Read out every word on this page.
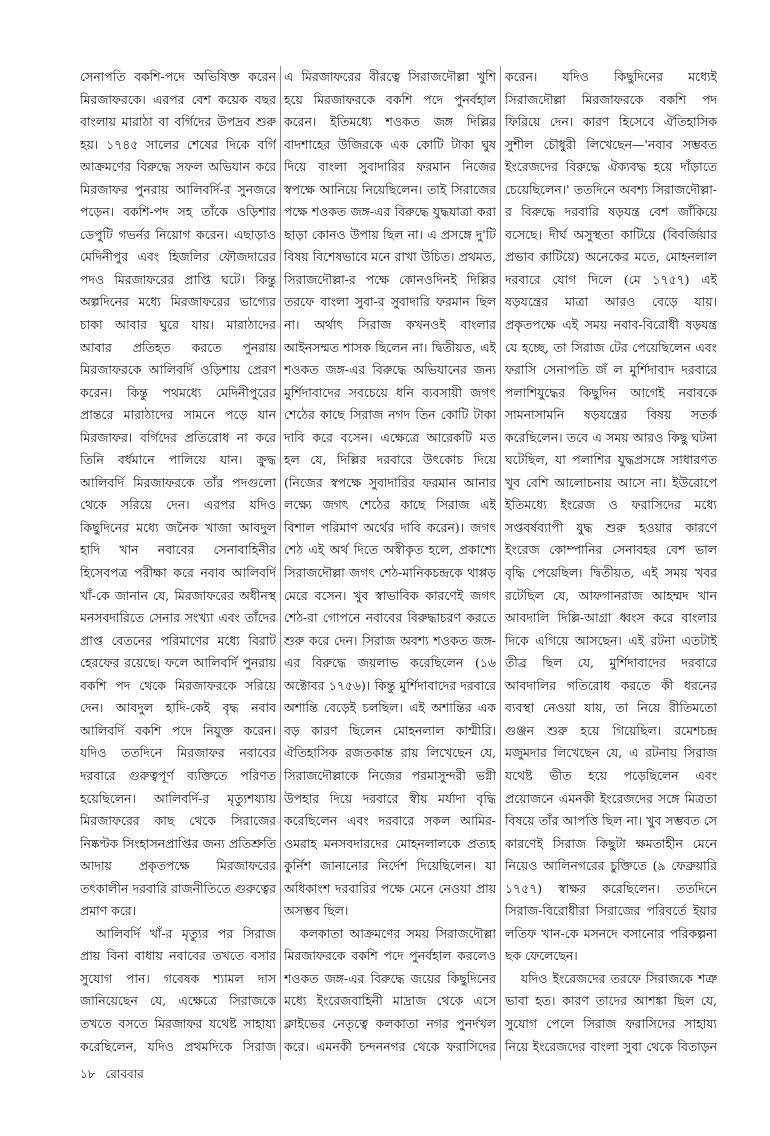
সেনাপতি বকশি-পদে অভিষিক্ত করেন মিরজাফরকে। এরপর বেশ কয়েক বছর বাংলায় মারাঠা বা বর্গিদের উপদ্রব শুরু হয়। ১৭৪৫ সালের শেষের দিকে বর্গি আক্রমণের বিরুদ্ধে সফল অভিযান করে মিরজাফর পুনরায় আলিবর্দি-র সুনজরে পড়েন। বকশি-পদ সহ তাঁকে ওড়িশার ডেপুটি গভর্নর নিয়োগ করেন। এছাড়াও মেদিনীপুর এবং হিজলির ফৌজদারের পদও মিরজাফরের প্রাপ্তি ঘটে। কিন্তু অল্পদিনের মধ্যে মিরজাফরের ভাগ্যের চাকা আবার ঘুরে যায়। মারাঠাদের আবার প্রতিহত করতে পুনরায় মিরজাফরকে আলিবর্দি ওড়িশায় প্রেরণ করেন। কিন্তু পথমধ্যে মেদিনীপুরের প্রান্তরে মারাঠাদের সামনে পড়ে যান মিরজাফর। বর্গিদের প্রতিরোধ না করে তিনি বর্ধমানে পালিয়ে যান। ক্রুদ্ধ আলিবর্দি মিরজাফরকে তাঁর পদগুলো থেকে সরিয়ে দেন। এরপর যদিও কিছুদিনের মধ্যে জনৈক খাজা আবদুল হাদি খান নবাবের সেনাবাহিনীর হিসেবপত্র পরীক্ষা করে নবাব আলিবর্দি খাঁ-কে জানান যে, মিরজাফরের অধীনস্থ মনসবদারিতে সেনার সংখ্যা এবং তাঁদের প্রাপ্ত বেতনের পরিমাণের মধ্যে বিরাট হেরফের রয়েছে। ফলে আলিবর্দি পুনরায় বকশি পদ থেকে মিরজাফরকে সরিয়ে দেন। আবদুল হাদি-কেই বৃদ্ধ নবাব আলিবর্দি বকশি পদে নিযুক্ত করেন। যদিও ততদিনে মিরজাফর নবাবের দরবারে গুরুত্বপূর্ণ ব্যক্তিতে পরিণত হয়েছিলেন। আলিবর্দি-র মৃত্যুশয্যায় মিরজাফরের কাছ থেকে সিরাজের নিষ্কণ্টক সিংহাসনপ্রাপ্তির জন্য প্রতিশ্রুতি আদায় প্রকৃতপক্ষে মিরজাফরের তৎকালীন দরবারি রাজনীতিতে গুরুত্বের প্রমাণ করে।

আলিবর্দি খাঁ-র মৃত্যুর পর সিরাজ প্রায় বিনা বাধায় নবাবের তখতে বসার সুযোগ পান। গবেষক শ্যামল দাস জানিয়েছেন যে, এক্ষেত্রে সিরাজকে তখতে বসতে মিরজাফর যথেষ্ট সাহায্য করেছিলেন, যদিও প্রথমদিকে সিরাজ

এ মিরজাফরের বীরত্বে সিরাজদৌল্লা খুশি হয়ে মিরজাফরকে বকশি পদে পুনর্বহাল করেন। ইতিমধ্যে শওকত জঙ্গ দিল্লির বাদশাহের উজিরকে এক কোটি টাকা ঘুষ দিয়ে বাংলা সুবাদারির ফরমান নিজের স্বপক্ষে আনিয়ে নিয়েছিলেন। তাই সিরাজের পক্ষে শওকত জঙ্গ-এর বিরুদ্ধে যুদ্ধযাত্রা করা ছাড়া কোনও উপায় ছিল না। এ প্রসঙ্গে দু'টি বিষয় বিশেষভাবে মনে রাখা উচিত। প্রথমত, সিরাজদৌল্লা-র পক্ষে কোনওদিনই দিল্লির তরফে বাংলা সুবা-র সুবাদারি ফরমান ছিল না। অর্থাৎ সিরাজ কখনওই বাংলার আইনসম্মত শাসক ছিলেন না। দ্বিতীয়ত, এই শওকত জঙ্গ-এর বিরুদ্ধে অভিযানের জন্য মুর্শিদাবাদের সবচেয়ে ধনি ব্যবসায়ী জগৎ শেঠের কাছে সিরাজ নগদ তিন কোটি টাকা দাবি করে বসেন। এক্ষেত্রে আরেকটি মত হল যে, দিল্লির দরবারে উৎকোচ দিয়ে (নিজের স্বপক্ষে সুবাদারির ফরমান আনার লক্ষ্যে জগৎ শেঠের কাছে সিরাজ এই বিশাল পরিমাণ অর্থের দাবি করেন)। জগৎ শেঠ এই অর্থ দিতে অস্বীকৃত হলে, প্রকাশ্যে সিরাজদৌল্লা জগৎ শেঠ-মানিকচন্দ্রকে থাপ্পড় মেরে বসেন। খুব স্বাভাবিক কারণেই জগৎ শেঠ-রা গোপনে নবাবের বিরুদ্ধাচরণ করতে শুরু করে দেন। সিরাজ অবশ্য শওকত জঙ্গ-এর বিরুদ্ধে জয়লাভ করেছিলেন (১৬ অক্টোবর ১৭৫৬)। কিন্তু মুর্শিদাবাদের দরবারে অশান্তি বেড়েই চলছিল। এই অশান্তির এক বড় কারণ ছিলেন মোহনলাল কাশ্মীরি। ঐতিহাসিক রজতকান্ত রায় লিখেছেন যে, সিরাজদৌল্লাকে নিজের পরমাসুন্দরী ভগ্নী উপহার দিয়ে দরবারে স্বীয় মর্যাদা বৃদ্ধি করেছিলেন এবং দরবারে সকল আমির-ওমরাহ মনসবদারদের মোহনলালকে প্রত্যহ কুর্নিশ জানানোর নির্দেশ দিয়েছিলেন। যা অধিকাংশ দরবারির পক্ষে মেনে নেওয়া প্রায় অসম্ভব ছিল।

কলকাতা আক্রমণের সময় সিরাজদৌল্লা মিরজাফরকে বকশি পদে পুনর্বহাল করলেও শওকত জঙ্গ-এর বিরুদ্ধে জয়ের কিছুদিনের মধ্যে ইংরেজবাহিনী মাদ্রাজ থেকে এসে ক্লাইভের নেতৃত্বে কলকাতা নগর পুনর্দখল করে। এমনকী চন্দননগর থেকে ফরাসিদের

করেন। যদিও কিছুদিনের মধ্যেই সিরাজদৌল্লা মিরজাফরকে বকশি পদ ফিরিয়ে দেন। কারণ হিসেবে ঐতিহাসিক সুশীল চৌধুরী লিখেছেন—'নবাব সম্ভবত ইংরেজদের বিরুদ্ধে ঐক্যবদ্ধ হয়ে দাঁড়াতে চেয়েছিলেন।' ততদিনে অবশ্য সিরাজদৌল্লা-র বিরুদ্ধে দরবারি ষড়যন্ত্র বেশ জাঁকিয়ে বসেছে। দীর্ঘ অসুস্থতা কাটিয়ে (বিবর্জিয়ার প্রভাব কাটিয়ে) অনেকের মতে, মোহনলাল দরবারে যোগ দিলে (মে ১৭৫৭) এই ষড়যন্ত্রের মাত্রা আরও বেড়ে যায়। প্রকৃতপক্ষে এই সময় নবাব-বিরোধী ষড়যন্ত্র যে হচ্ছে, তা সিরাজ টের পেয়েছিলেন এবং ফরাসি সেনাপতি জঁ ল মুর্শিদাবাদ দরবারে পলাশিযুদ্ধের কিছুদিন আগেই নবাবকে সামনাসামনি ষড়যন্ত্রের বিষয় সতর্ক করেছিলেন। তবে এ সময় আরও কিছু ঘটনা ঘটেছিল, যা পলাশির যুদ্ধপ্রসঙ্গে সাধারণত খুব বেশি আলোচনায় আসে না। ইউরোপে ইতিমধ্যে ইংরেজ ও ফরাসিদের মধ্যে সপ্তবর্ষব্যাপী যুদ্ধ শুরু হওয়ার কারণে ইংরেজ কোম্পানির সেনাবহর বেশ ভাল বৃদ্ধি পেয়েছিল। দ্বিতীয়ত, এই সময় খবর রটেছিল যে, আফগানরাজ আহম্মদ খান আবদালি দিল্লি-আগ্রা ধ্বংস করে বাংলার দিকে এগিয়ে আসছেন। এই রটনা এতটাই তীব্র ছিল যে, মুর্শিদাবাদের দরবারে আবদালির গতিরোধ করতে কী ধরনের ব্যবস্থা নেওয়া যায়, তা নিয়ে রীতিমতো গুঞ্জন শুরু হয়ে গিয়েছিল। রমেশচন্দ্র মজুমদার লিখেছেন যে, এ রটনায় সিরাজ যথেষ্ট ভীত হয়ে পড়েছিলেন এবং প্রয়োজনে এমনকী ইংরেজদের সঙ্গে মিত্রতা বিষয়ে তাঁর আপত্তি ছিল না। খুব সম্ভবত সে কারণেই সিরাজ কিছুটা ক্ষমতাহীন মেনে নিয়েও আলিনগরের চুক্তিতে (৯ ফেব্রুয়ারি ১৭৫৭) স্বাক্ষর করেছিলেন। ততদিনে সিরাজ-বিরোধীরা সিরাজের পরিবর্তে ইয়ার লতিফ খান-কে মসনদে বসানোর পরিকল্পনা ছক ফেলেছেন।

যদিও ইংরেজদের তরফে সিরাজকে শত্রু ভাবা হত। কারণ তাদের আশঙ্কা ছিল যে, সুযোগ পেলে সিরাজ ফরাসিদের সাহায্য নিয়ে ইংরেজদের বাংলা সুবা থেকে বিতাড়ন

১৮ রোববার
